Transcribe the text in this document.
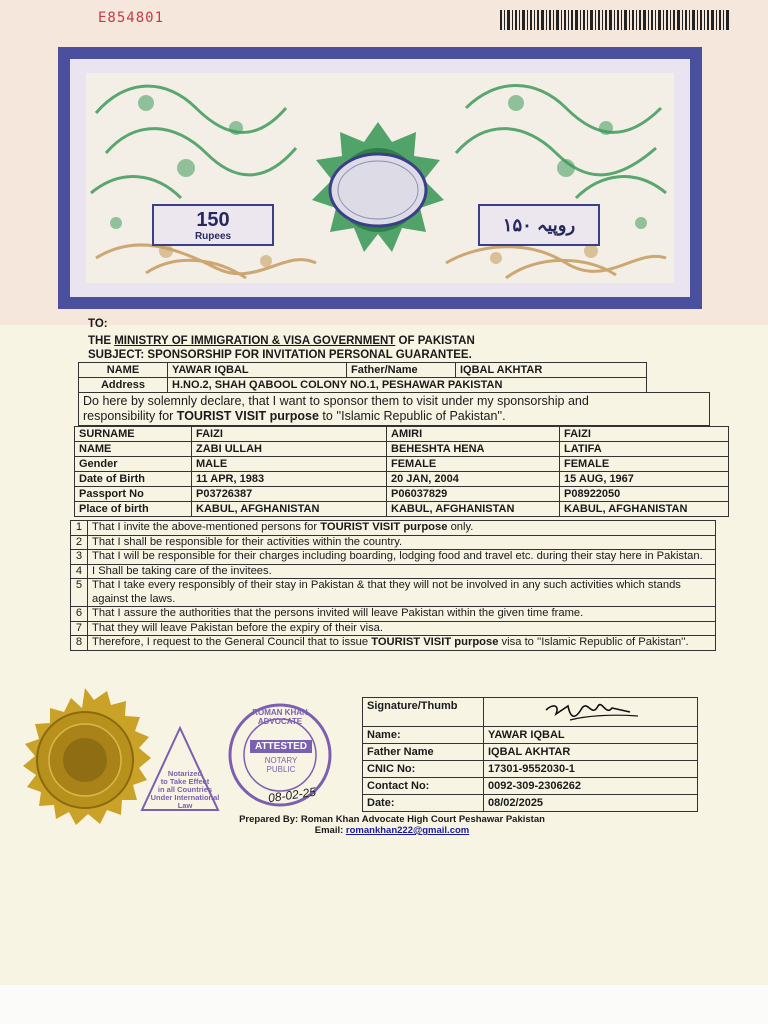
E854801
150
Rupees
۱۵۰ روپیہ
TO:
THE MINISTRY OF IMMIGRATION & VISA GOVERNMENT OF PAKISTAN
SUBJECT: SPONSORSHIP FOR INVITATION PERSONAL GUARANTEE.
NAME	YAWAR IQBAL	Father/Name	IQBAL AKHTAR
Address	H.NO.2, SHAH QABOOL COLONY NO.1, PESHAWAR PAKISTAN		
Do here by solemnly declare, that I want to sponsor them to visit under my sponsorship and
responsibility for TOURIST VISIT purpose to ''Islamic Republic of Pakistan''.
SURNAME	FAIZI	AMIRI	FAIZI
NAME	ZABI ULLAH	BEHESHTA HENA	LATIFA
Gender	MALE	FEMALE	FEMALE
Date of Birth	11 APR, 1983	20 JAN, 2004	15 AUG, 1967
Passport No	P03726387	P06037829	P08922050
Place of birth	KABUL, AFGHANISTAN	KABUL, AFGHANISTAN	KABUL, AFGHANISTAN
1	That I invite the above-mentioned persons for TOURIST VISIT purpose only.
2	That I shall be responsible for their activities within the country.
3	That I will be responsible for their charges including boarding, lodging food and travel etc. during their stay here in Pakistan.
4	I Shall be taking care of the invitees.
5	That I take every responsibly of their stay in Pakistan & that they will not be involved in any such activities which stands against the laws.
6	That I assure the authorities that the persons invited will leave Pakistan within the given time frame.
7	That they will leave Pakistan before the expiry of their visa.
8	Therefore, I request to the General Council that to issue TOURIST VISIT purpose visa to ''Islamic Republic of Pakistan''.
Signature/Thumb	
Name:	YAWAR IQBAL
Father Name	IQBAL AKHTAR
CNIC No:	17301-9552030-1
Contact No:	0092-309-2306262
Date:	08/02/2025
Notarized
to Take Effect
in all Countries
Under International
Law
ROMAN KHAN ADVOCATE
ATTESTED
NOTARY
PUBLIC
08-02-25
Prepared By: Roman Khan Advocate High Court Peshawar Pakistan
Email: romankhan222@gmail.com
